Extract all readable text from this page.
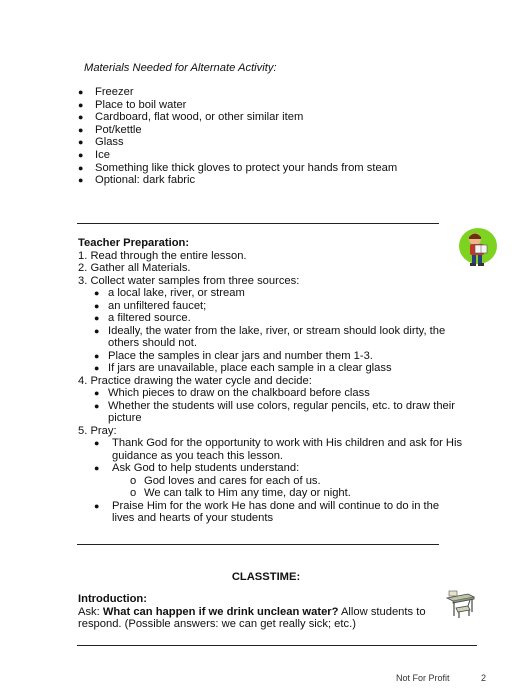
Materials Needed for Alternate Activity:
● Freezer
● Place to boil water
● Cardboard, flat wood, or other similar item
● Pot/kettle
● Glass
● Ice
● Something like thick gloves to protect your hands from steam
● Optional: dark fabric
Teacher Preparation:
1. Read through the entire lesson.
2. Gather all Materials.
3. Collect water samples from three sources:
● a local lake, river, or stream
● an unfiltered faucet;
● a filtered source.
● Ideally, the water from the lake, river, or stream should look dirty, the
others should not.
● Place the samples in clear jars and number them 1-3.
● If jars are unavailable, place each sample in a clear glass
4. Practice drawing the water cycle and decide:
● Which pieces to draw on the chalkboard before class
● Whether the students will use colors, regular pencils, etc. to draw their
picture
5. Pray:
● Thank God for the opportunity to work with His children and ask for His
guidance as you teach this lesson.
● Ask God to help students understand:
o God loves and cares for each of us.
o We can talk to Him any time, day or night.
● Praise Him for the work He has done and will continue to do in the
lives and hearts of your students
CLASSTIME:
Introduction:
Ask: What can happen if we drink unclean water? Allow students to
respond. (Possible answers: we can get really sick; etc.)
Not For Profit	2
